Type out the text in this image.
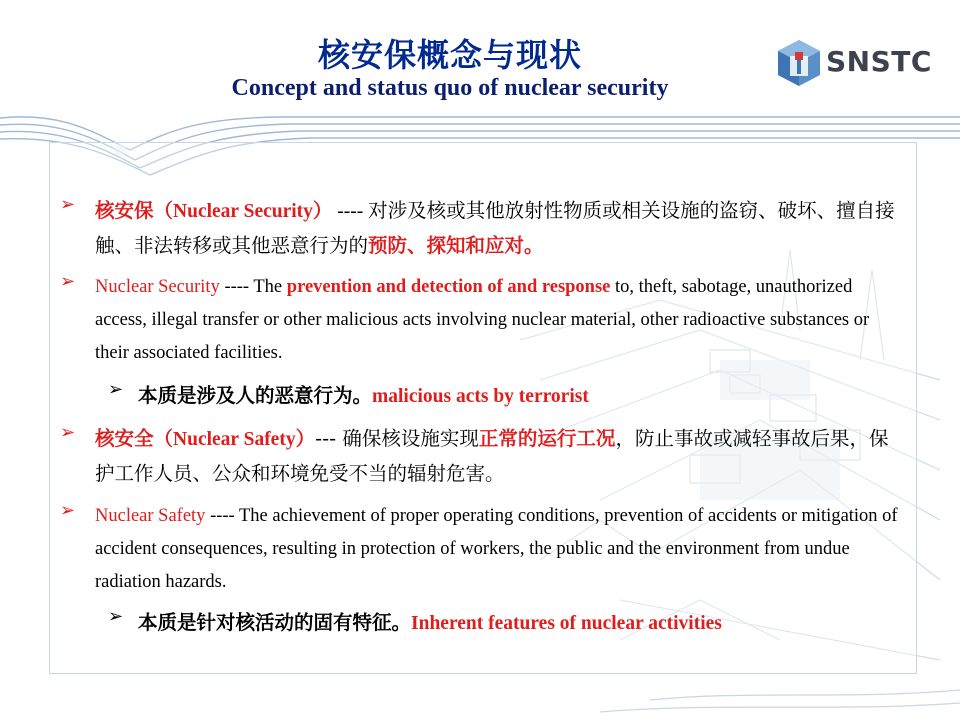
核安保概念与现状
Concept and status quo of nuclear security
SNSTC
➢ 核安保（Nuclear Security） ---- 对涉及核或其他放射性物质或相关设施的盗窃、破坏、擅自接触、非法转移或其他恶意行为的预防、探知和应对。
➢ Nuclear Security ---- The prevention and detection of and response to, theft, sabotage, unauthorized access, illegal transfer or other malicious acts involving nuclear material, other radioactive substances or their associated facilities.
➢ 本质是涉及人的恶意行为。malicious acts by terrorist
➢ 核安全（Nuclear Safety）--- 确保核设施实现正常的运行工况，防止事故或减轻事故后果，保护工作人员、公众和环境免受不当的辐射危害。
➢ Nuclear Safety ---- The achievement of proper operating conditions, prevention of accidents or mitigation of accident consequences, resulting in protection of workers, the public and the environment from undue radiation hazards.
➢ 本质是针对核活动的固有特征。Inherent features of nuclear activities
